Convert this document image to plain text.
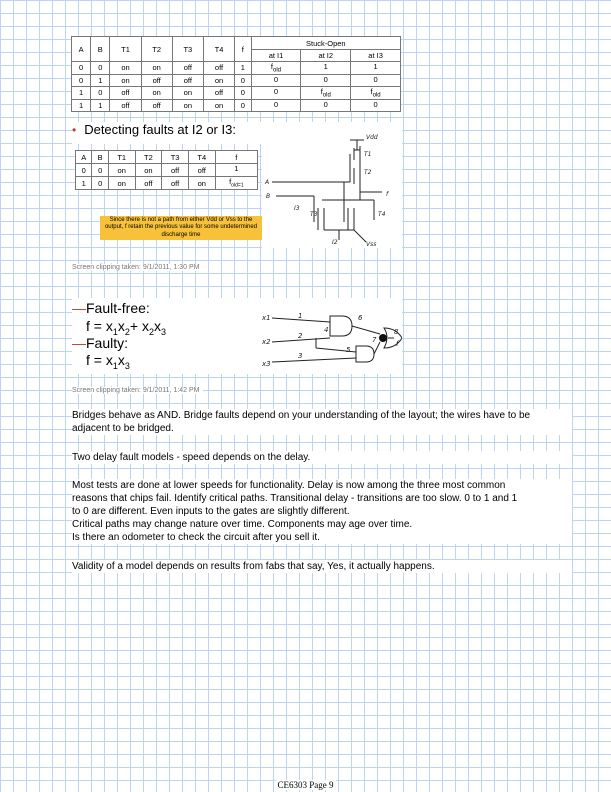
A	B	T1	T2	T3	T4	f	Stuck-Open		
							at I1	at I2	at I3
0	0	on	on	off	off	1	$f_{old}$	1	1
0	1	on	off	off	on	0	0	0	0
1	0	off	on	on	off	0	0	$f_{old}$	$f_{old}$
1	1	off	off	on	on	0	0	0	0
• Detecting faults at I2 or I3:
A	B	T1	T2	T3	T4	f
0	0	on	on	off	off	1
1	0	on	off	off	on	$f_{old=1}$
Since there is not a path from either Vdd or Vss to the output, f retain the previous value for some undetermined discharge time
Vdd
T1
T2
T3	T4
A
B	f
I3
I2	Vss
Screen clipping taken: 9/1/2011, 1:30 PM
—Fault-free:
$f = x_1x_2+ x_2x_3$
—Faulty:
$f = x_1x_3$
x1
x2
x3
1
2
3
4
5
6
7
8
f
Screen clipping taken: 9/1/2011, 1:42 PM
Bridges behave as AND. Bridge faults depend on your understanding of the layout; the wires have to be
adjacent to be bridged.
Two delay fault models - speed depends on the delay.
Most tests are done at lower speeds for functionality. Delay is now among the three most common
reasons that chips fail. Identify critical paths. Transitional delay - transitions are too slow. 0 to 1 and 1
to 0 are different. Even inputs to the gates are slightly different.
Critical paths may change nature over time. Components may age over time.
Is there an odometer to check the circuit after you sell it.
Validity of a model depends on results from fabs that say, Yes, it actually happens.
CE6303 Page 9
